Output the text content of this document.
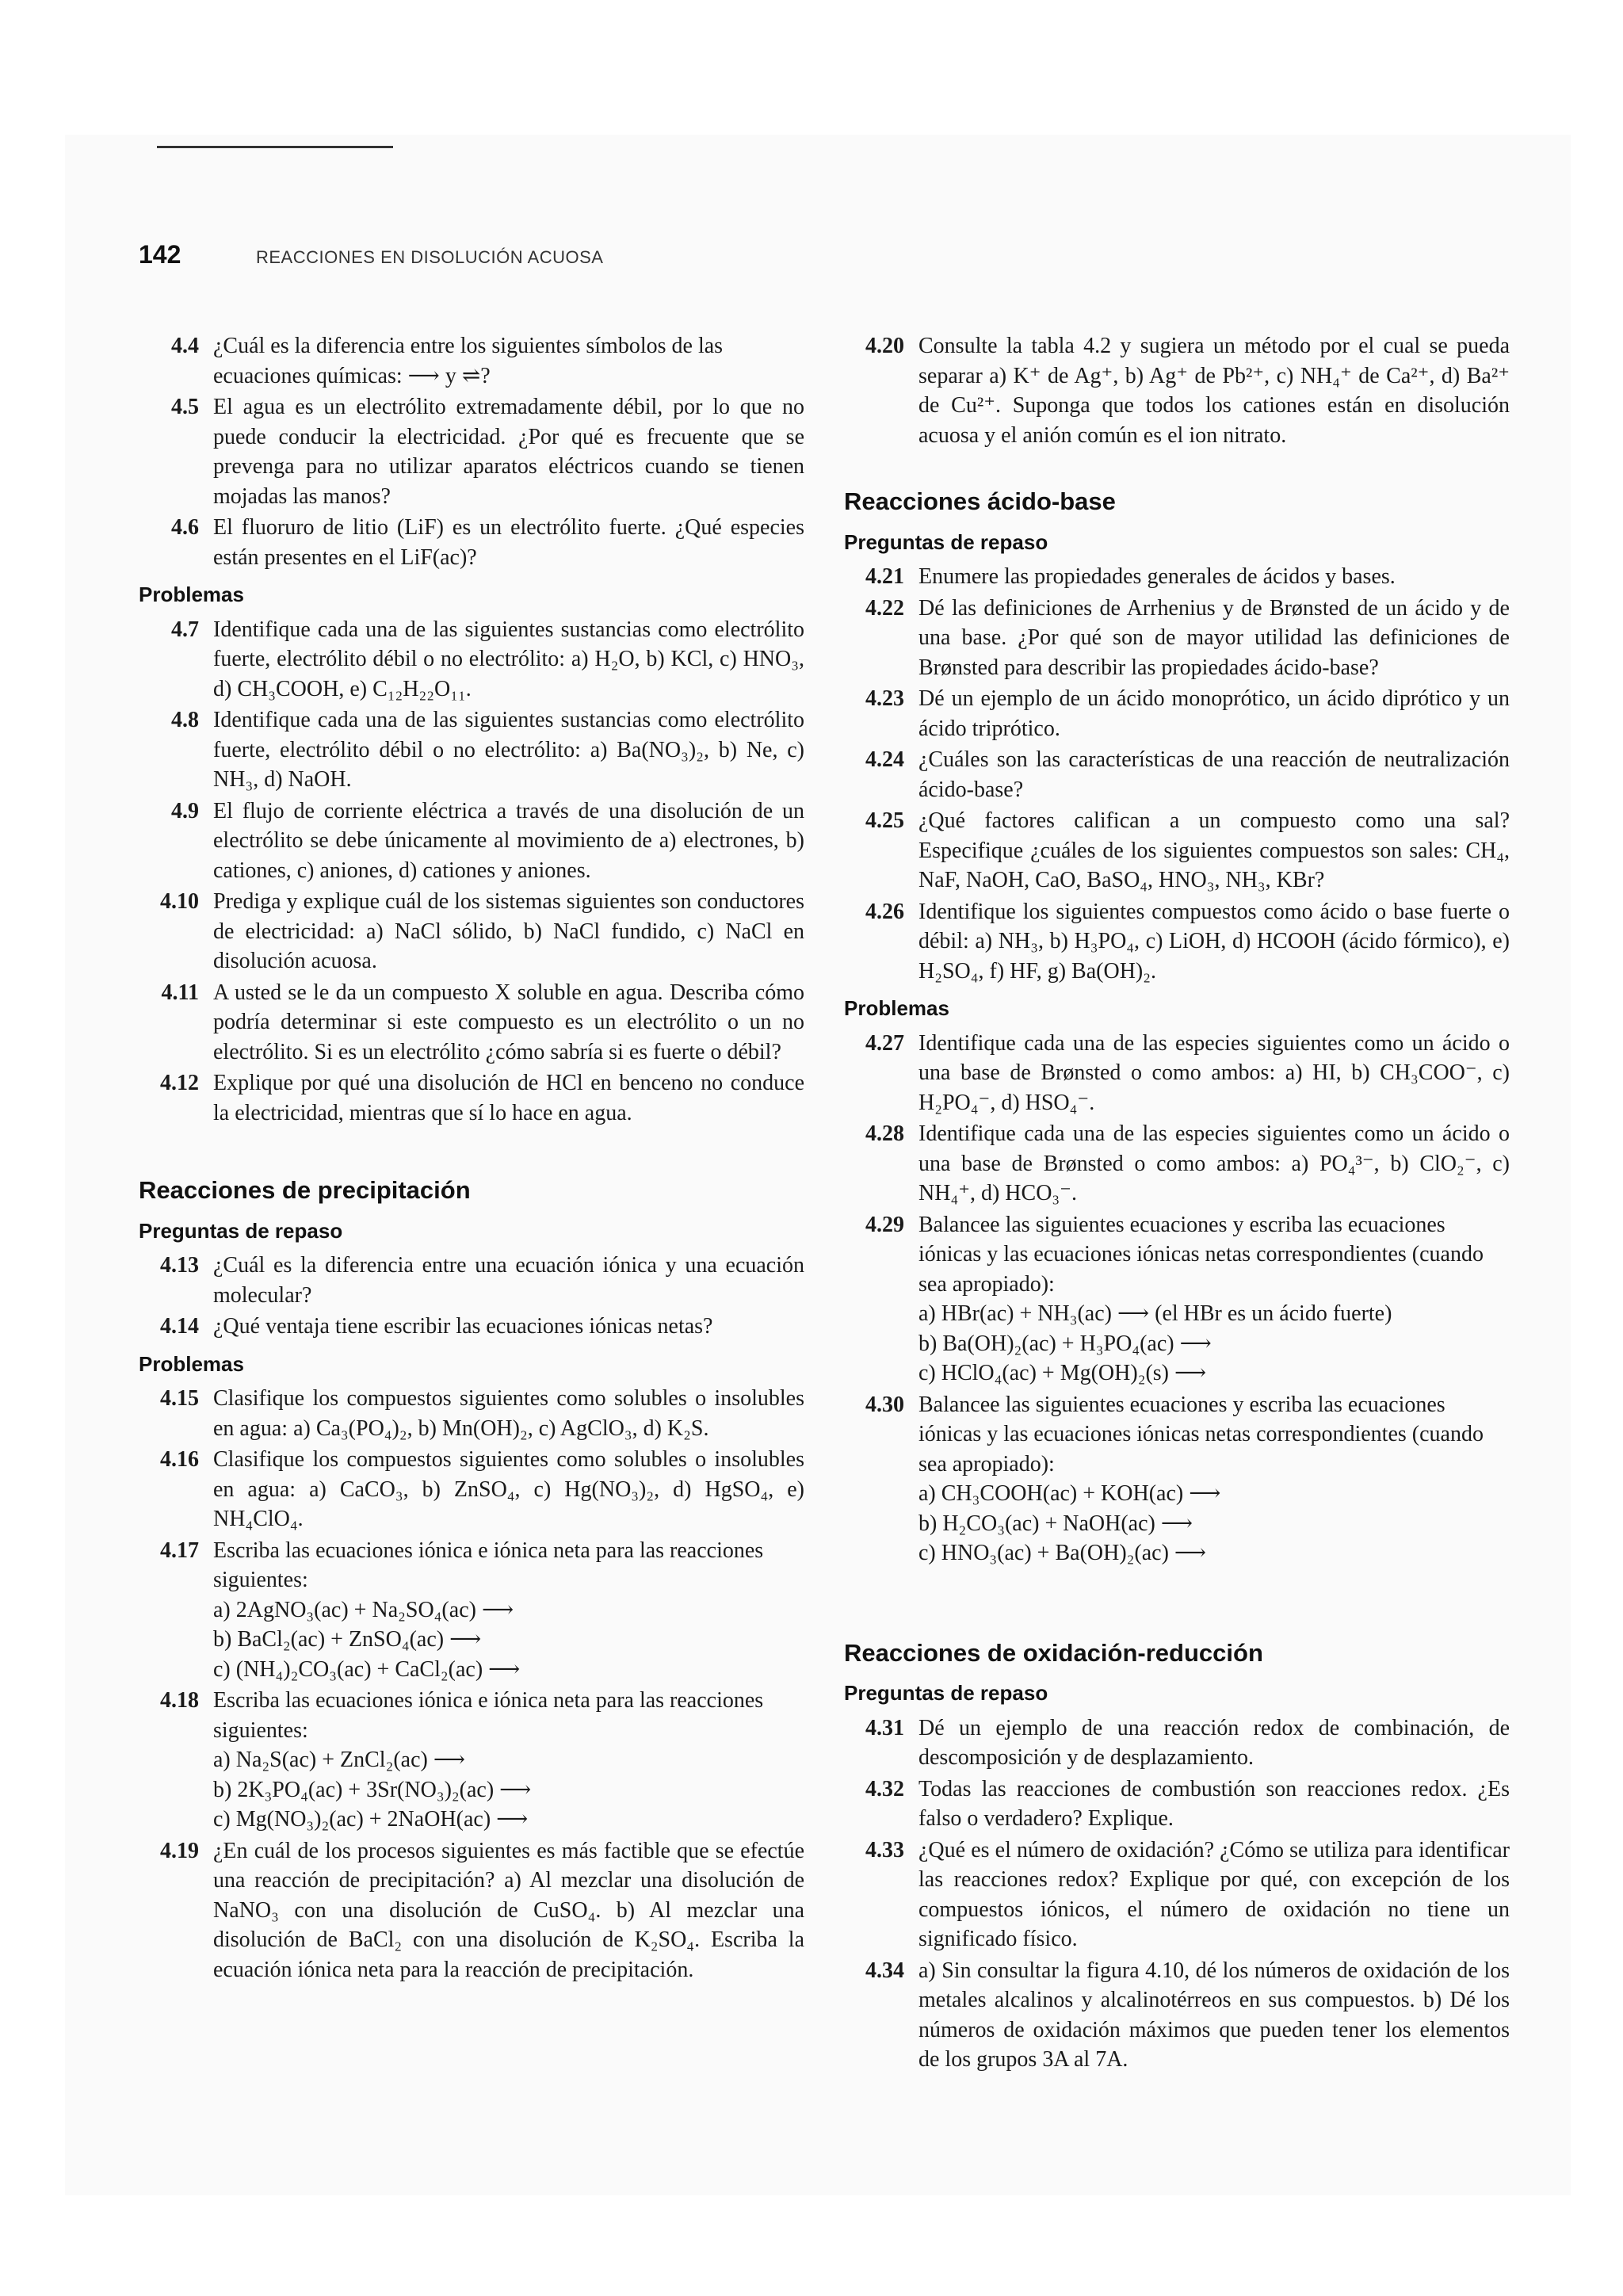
142	REACCIONES EN DISOLUCIÓN ACUOSA
4.4 ¿Cuál es la diferencia entre los siguientes símbolos de las
ecuaciones químicas: ⟶ y ⇌?
4.5 El agua es un electrólito extremadamente débil, por lo que no puede conducir la electricidad. ¿Por qué es frecuente que se prevenga para no utilizar aparatos eléctricos cuando se tienen mojadas las manos?
4.6 El fluoruro de litio (LiF) es un electrólito fuerte. ¿Qué especies están presentes en el LiF(ac)?
Problemas
4.7 Identifique cada una de las siguientes sustancias como electrólito fuerte, electrólito débil o no electrólito: a) H₂O, b) KCl, c) HNO₃, d) CH₃COOH, e) C₁₂H₂₂O₁₁.
4.8 Identifique cada una de las siguientes sustancias como electrólito fuerte, electrólito débil o no electrólito: a) Ba(NO₃)₂, b) Ne, c) NH₃, d) NaOH.
4.9 El flujo de corriente eléctrica a través de una disolución de un electrólito se debe únicamente al movimiento de a) electrones, b) cationes, c) aniones, d) cationes y aniones.
4.10 Prediga y explique cuál de los sistemas siguientes son conductores de electricidad: a) NaCl sólido, b) NaCl fundido, c) NaCl en disolución acuosa.
4.11 A usted se le da un compuesto X soluble en agua. Describa cómo podría determinar si este compuesto es un electrólito o un no electrólito. Si es un electrólito ¿cómo sabría si es fuerte o débil?
4.12 Explique por qué una disolución de HCl en benceno no conduce la electricidad, mientras que sí lo hace en agua.
Reacciones de precipitación
Preguntas de repaso
4.13 ¿Cuál es la diferencia entre una ecuación iónica y una ecuación molecular?
4.14 ¿Qué ventaja tiene escribir las ecuaciones iónicas netas?
Problemas
4.15 Clasifique los compuestos siguientes como solubles o insolubles en agua: a) Ca₃(PO₄)₂, b) Mn(OH)₂, c) AgClO₃, d) K₂S.
4.16 Clasifique los compuestos siguientes como solubles o insolubles en agua: a) CaCO₃, b) ZnSO₄, c) Hg(NO₃)₂, d) HgSO₄, e) NH₄ClO₄.
4.17 Escriba las ecuaciones iónica e iónica neta para las reacciones siguientes:
a) 2AgNO₃(ac) + Na₂SO₄(ac) ⟶
b) BaCl₂(ac) + ZnSO₄(ac) ⟶
c) (NH₄)₂CO₃(ac) + CaCl₂(ac) ⟶
4.18 Escriba las ecuaciones iónica e iónica neta para las reacciones siguientes:
a) Na₂S(ac) + ZnCl₂(ac) ⟶
b) 2K₃PO₄(ac) + 3Sr(NO₃)₂(ac) ⟶
c) Mg(NO₃)₂(ac) + 2NaOH(ac) ⟶
4.19 ¿En cuál de los procesos siguientes es más factible que se efectúe una reacción de precipitación? a) Al mezclar una disolución de NaNO₃ con una disolución de CuSO₄. b) Al mezclar una disolución de BaCl₂ con una disolución de K₂SO₄. Escriba la ecuación iónica neta para la reacción de precipitación.
4.20 Consulte la tabla 4.2 y sugiera un método por el cual se pueda separar a) K⁺ de Ag⁺, b) Ag⁺ de Pb²⁺, c) NH₄⁺ de Ca²⁺, d) Ba²⁺ de Cu²⁺. Suponga que todos los cationes están en disolución acuosa y el anión común es el ion nitrato.
Reacciones ácido-base
Preguntas de repaso
4.21 Enumere las propiedades generales de ácidos y bases.
4.22 Dé las definiciones de Arrhenius y de Brønsted de un ácido y de una base. ¿Por qué son de mayor utilidad las definiciones de Brønsted para describir las propiedades ácido-base?
4.23 Dé un ejemplo de un ácido monoprótico, un ácido diprótico y un ácido triprótico.
4.24 ¿Cuáles son las características de una reacción de neutralización ácido-base?
4.25 ¿Qué factores califican a un compuesto como una sal? Especifique ¿cuáles de los siguientes compuestos son sales: CH₄, NaF, NaOH, CaO, BaSO₄, HNO₃, NH₃, KBr?
4.26 Identifique los siguientes compuestos como ácido o base fuerte o débil: a) NH₃, b) H₃PO₄, c) LiOH, d) HCOOH (ácido fórmico), e) H₂SO₄, f) HF, g) Ba(OH)₂.
Problemas
4.27 Identifique cada una de las especies siguientes como un ácido o una base de Brønsted o como ambos: a) HI, b) CH₃COO⁻, c) H₂PO₄⁻, d) HSO₄⁻.
4.28 Identifique cada una de las especies siguientes como un ácido o una base de Brønsted o como ambos: a) PO₄³⁻, b) ClO₂⁻, c) NH₄⁺, d) HCO₃⁻.
4.29 Balancee las siguientes ecuaciones y escriba las ecuaciones iónicas y las ecuaciones iónicas netas correspondientes (cuando sea apropiado):
a) HBr(ac) + NH₃(ac) ⟶ (el HBr es un ácido fuerte)
b) Ba(OH)₂(ac) + H₃PO₄(ac) ⟶
c) HClO₄(ac) + Mg(OH)₂(s) ⟶
4.30 Balancee las siguientes ecuaciones y escriba las ecuaciones iónicas y las ecuaciones iónicas netas correspondientes (cuando sea apropiado):
a) CH₃COOH(ac) + KOH(ac) ⟶
b) H₂CO₃(ac) + NaOH(ac) ⟶
c) HNO₃(ac) + Ba(OH)₂(ac) ⟶
Reacciones de oxidación-reducción
Preguntas de repaso
4.31 Dé un ejemplo de una reacción redox de combinación, de descomposición y de desplazamiento.
4.32 Todas las reacciones de combustión son reacciones redox. ¿Es falso o verdadero? Explique.
4.33 ¿Qué es el número de oxidación? ¿Cómo se utiliza para identificar las reacciones redox? Explique por qué, con excepción de los compuestos iónicos, el número de oxidación no tiene un significado físico.
4.34 a) Sin consultar la figura 4.10, dé los números de oxidación de los metales alcalinos y alcalinotérreos en sus compuestos. b) Dé los números de oxidación máximos que pueden tener los elementos de los grupos 3A al 7A.
